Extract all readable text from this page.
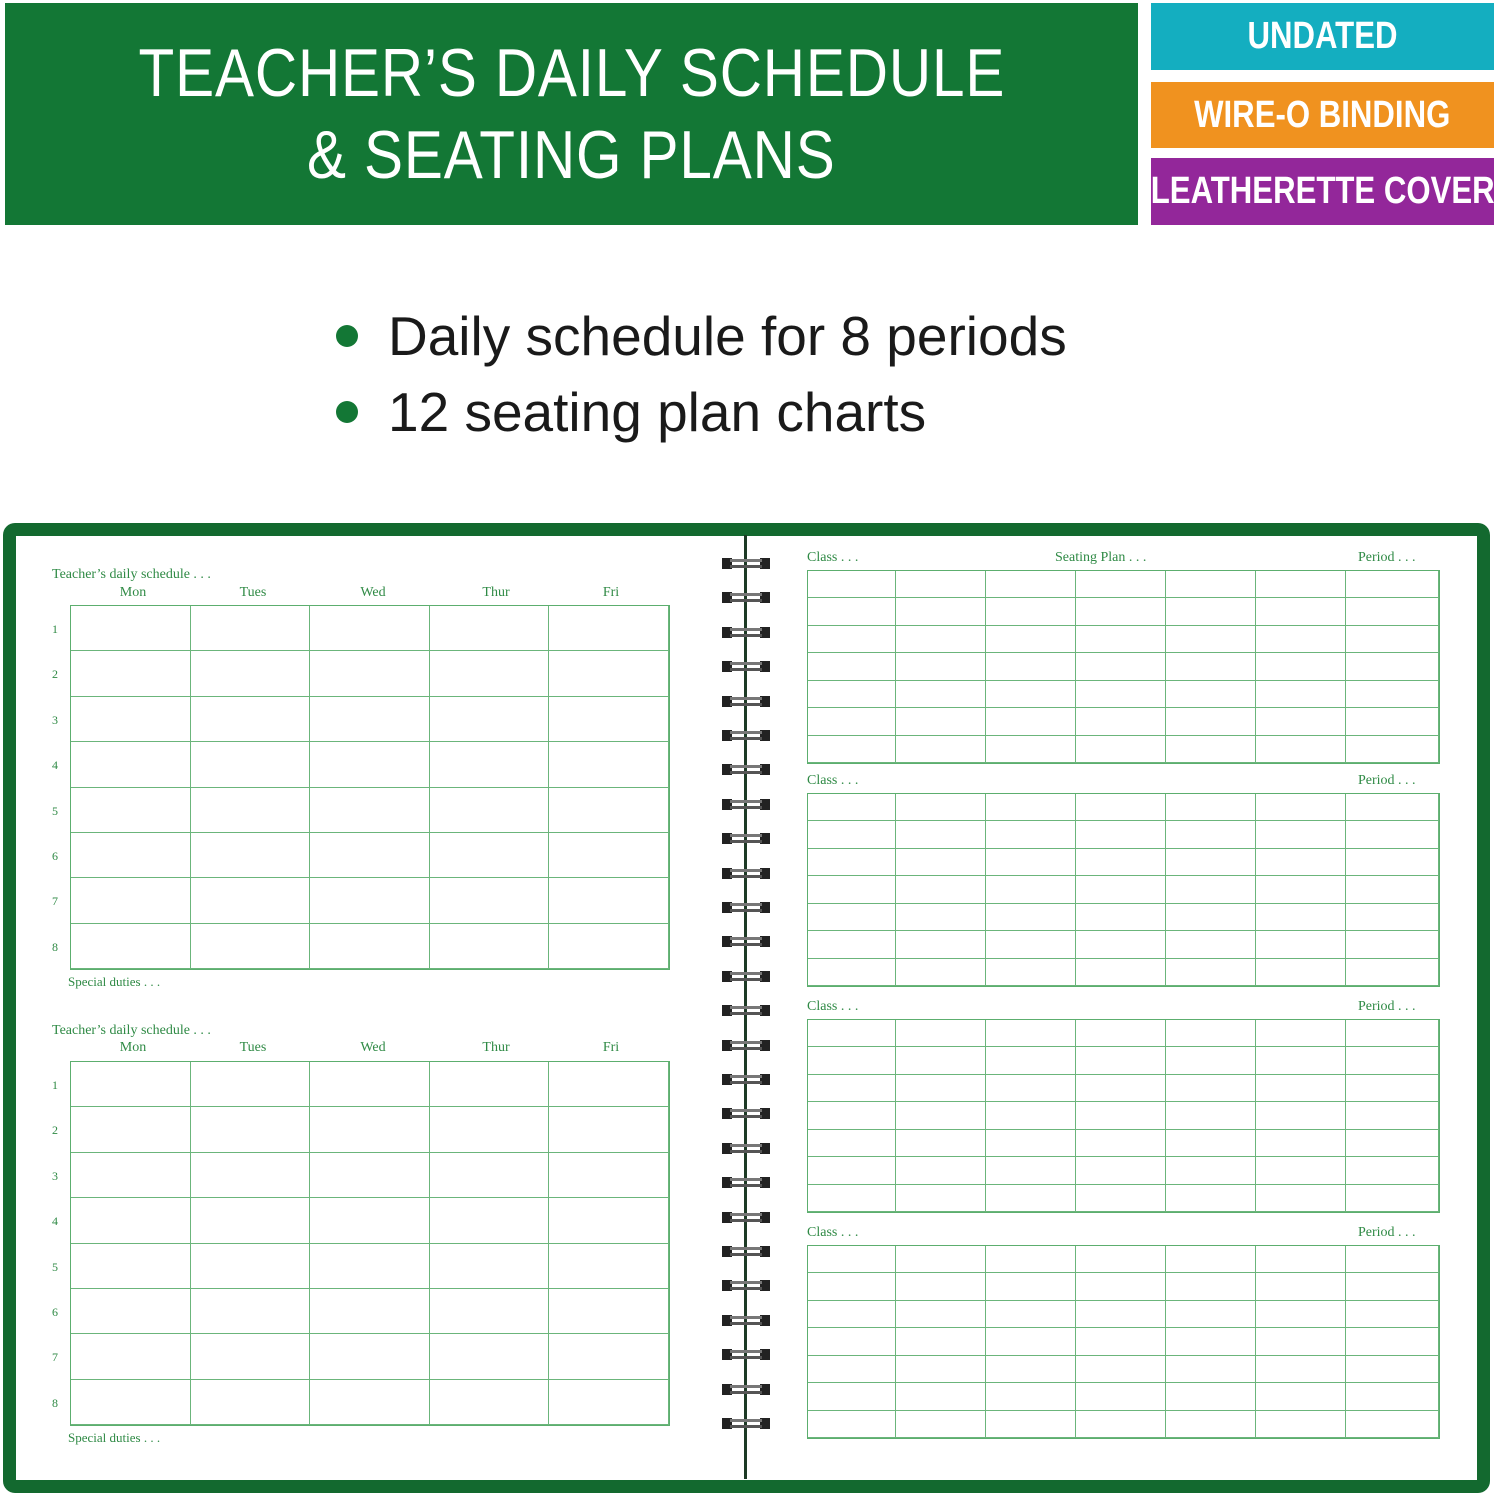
TEACHER’S DAILY SCHEDULE
& SEATING PLANS
UNDATED
WIRE-O BINDING
LEATHERETTE COVER
Daily schedule for 8 periods
12 seating plan charts
Teacher’s daily schedule . . .
Mon	Tues	Wed	Thur	Fri
1
2
3
4
5
6
7
8
Special duties . . .
Teacher’s daily schedule . . .
Mon	Tues	Wed	Thur	Fri
1
2
3
4
5
6
7
8
Special duties . . .
Class . . .	Seating Plan . . .	Period . . .
Class . . .	Period . . .
Class . . .	Period . . .
Class . . .	Period . . .
